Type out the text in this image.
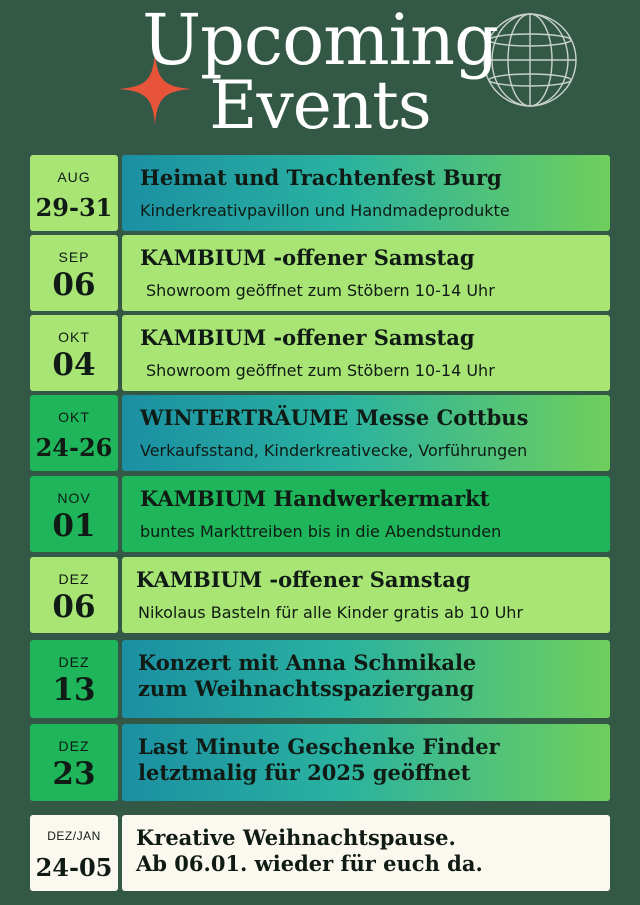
Upcoming
Events
AUG
29-31
Heimat und Trachtenfest Burg
Kinderkreativpavillon und Handmadeprodukte
SEP
06
KAMBIUM -offener Samstag
Showroom geöffnet zum Stöbern 10-14 Uhr
OKT
04
KAMBIUM -offener Samstag
Showroom geöffnet zum Stöbern 10-14 Uhr
OKT
24-26
WINTERTRÄUME Messe Cottbus
Verkaufsstand, Kinderkreativecke, Vorführungen
NOV
01
KAMBIUM Handwerkermarkt
buntes Markttreiben bis in die Abendstunden
DEZ
06
KAMBIUM -offener Samstag
Nikolaus Basteln für alle Kinder gratis ab 10 Uhr
DEZ
13
Konzert mit Anna Schmikale
zum Weihnachtsspaziergang
DEZ
23
Last Minute Geschenke Finder
letztmalig für 2025 geöffnet
DEZ/JAN
24-05
Kreative Weihnachtspause.
Ab 06.01. wieder für euch da.
